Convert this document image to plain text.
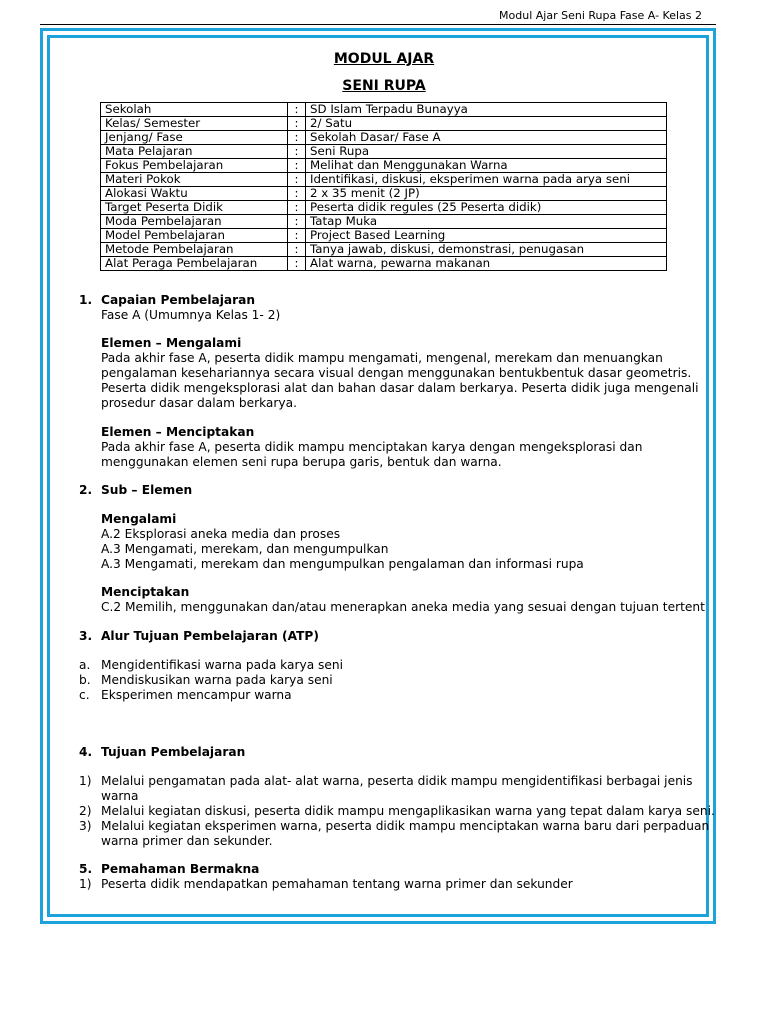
Modul Ajar Seni Rupa Fase A- Kelas 2
MODUL AJAR
SENI RUPA
Sekolah	:	SD Islam Terpadu Bunayya
Kelas/ Semester	:	2/ Satu
Jenjang/ Fase	:	Sekolah Dasar/ Fase A
Mata Pelajaran	:	Seni Rupa
Fokus Pembelajaran	:	Melihat dan Menggunakan Warna
Materi Pokok	:	Identifikasi, diskusi, eksperimen warna pada arya seni
Alokasi Waktu	:	2 x 35 menit (2 JP)
Target Peserta Didik	:	Peserta didik regules (25 Peserta didik)
Moda Pembelajaran	:	Tatap Muka
Model Pembelajaran	:	Project Based Learning
Metode Pembelajaran	:	Tanya jawab, diskusi, demonstrasi, penugasan
Alat Peraga Pembelajaran	:	Alat warna, pewarna makanan
1. Capaian Pembelajaran
Fase A (Umumnya Kelas 1- 2)
Elemen – Mengalami
Pada akhir fase A, peserta didik mampu mengamati, mengenal, merekam dan menuangkan
pengalaman kesehariannya secara visual dengan menggunakan bentukbentuk dasar geometris.
Peserta didik mengeksplorasi alat dan bahan dasar dalam berkarya. Peserta didik juga mengenali
prosedur dasar dalam berkarya.
Elemen – Menciptakan
Pada akhir fase A, peserta didik mampu menciptakan karya dengan mengeksplorasi dan
menggunakan elemen seni rupa berupa garis, bentuk dan warna.
2. Sub – Elemen
Mengalami
A.2 Eksplorasi aneka media dan proses
A.3 Mengamati, merekam, dan mengumpulkan
A.3 Mengamati, merekam dan mengumpulkan pengalaman dan informasi rupa
Menciptakan
C.2 Memilih, menggunakan dan/atau menerapkan aneka media yang sesuai dengan tujuan tertent
3. Alur Tujuan Pembelajaran (ATP)
a. Mengidentifikasi warna pada karya seni
b. Mendiskusikan warna pada karya seni
c. Eksperimen mencampur warna
4. Tujuan Pembelajaran
1) Melalui pengamatan pada alat- alat warna, peserta didik mampu mengidentifikasi berbagai jenis
warna
2) Melalui kegiatan diskusi, peserta didik mampu mengaplikasikan warna yang tepat dalam karya seni.
3) Melalui kegiatan eksperimen warna, peserta didik mampu menciptakan warna baru dari perpaduan
warna primer dan sekunder.
5. Pemahaman Bermakna
1) Peserta didik mendapatkan pemahaman tentang warna primer dan sekunder
